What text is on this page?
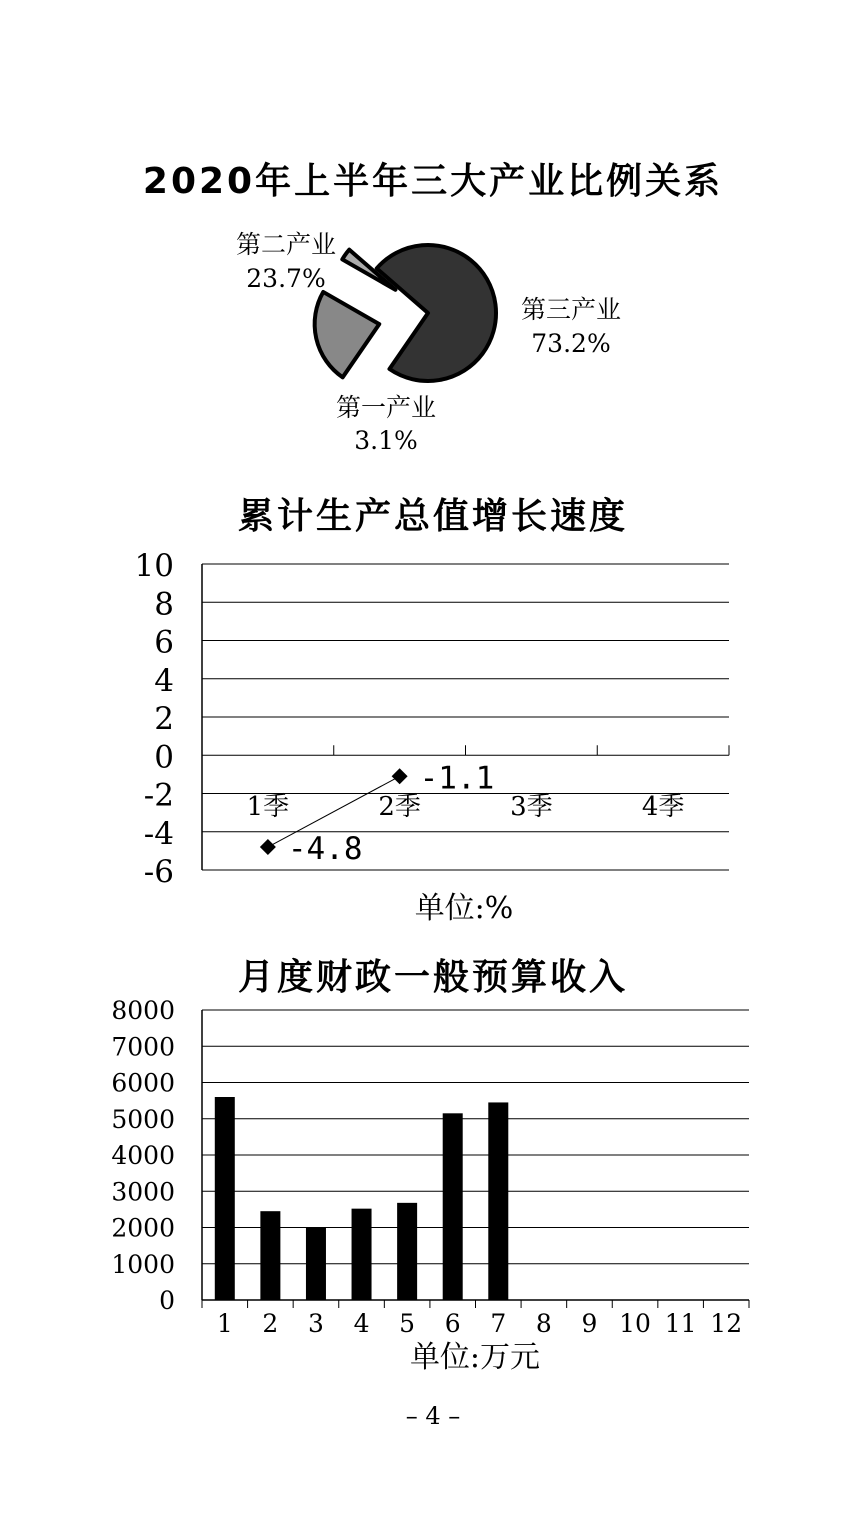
2020年上半年三大产业比例关系
第三产业
73.2%
第二产业
23.7%
第一产业
3.1%
累计生产总值增长速度
10
8
6
4
2
0
-2
-4
-6
1季	2季	3季	4季
-4.8
-1.1
单位:%
月度财政一般预算收入
8000
7000
6000
5000
4000
3000
2000
1000
0
1 2 3 4 5 6 7 8 9 10 11 12
单位:万元
– 4 –
